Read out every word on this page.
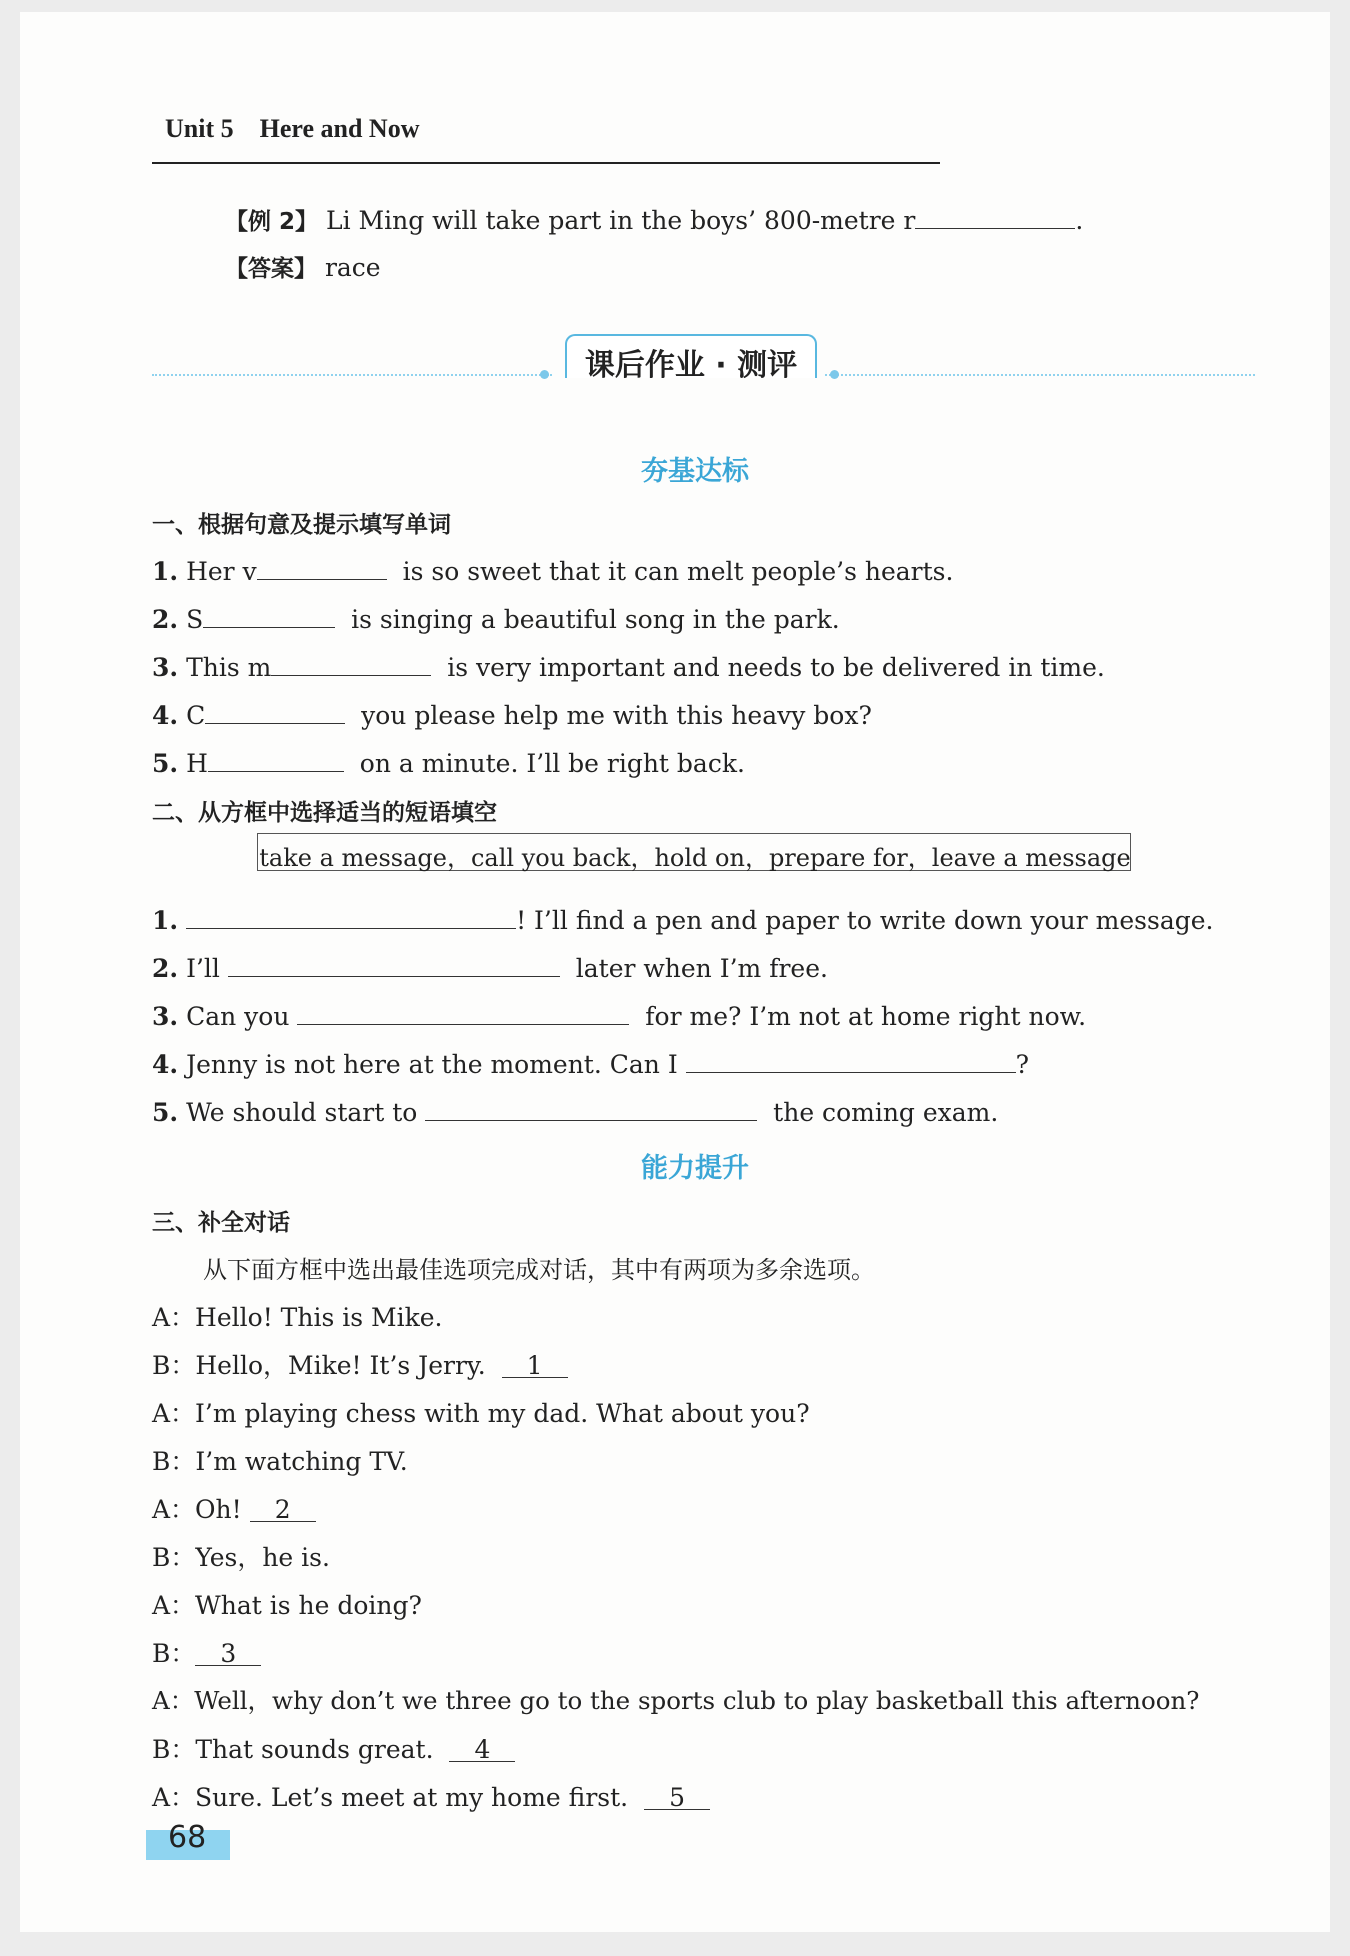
Unit 5 Here and Now
【例 2】 Li Ming will take part in the boys’ 800-metre r	.
【答案】 race
课后作业 · 测评
夯基达标
一、根据句意及提示填写单词
1. Her v	is so sweet that it can melt people’s hearts.
2. S	is singing a beautiful song in the park.
3. This m	is very important and needs to be delivered in time.
4. C	you please help me with this heavy box?
5. H	on a minute. I’ll be right back.
二、从方框中选择适当的短语填空
take a message，call you back，hold on，prepare for，leave a message
1.	! I’ll find a pen and paper to write down your message.
2. I’ll	later when I’m free.
3. Can you	for me? I’m not at home right now.
4. Jenny is not here at the moment. Can I	?
5. We should start to	the coming exam.
能力提升
三、补全对话
从下面方框中选出最佳选项完成对话，其中有两项为多余选项。
A：Hello! This is Mike.
B：Hello，Mike! It’s Jerry. 1
A：I’m playing chess with my dad. What about you?
B：I’m watching TV.
A：Oh! 2
B：Yes，he is.
A：What is he doing?
B： 3
A：Well，why don’t we three go to the sports club to play basketball this afternoon?
B：That sounds great. 4
A：Sure. Let’s meet at my home first. 5
68
